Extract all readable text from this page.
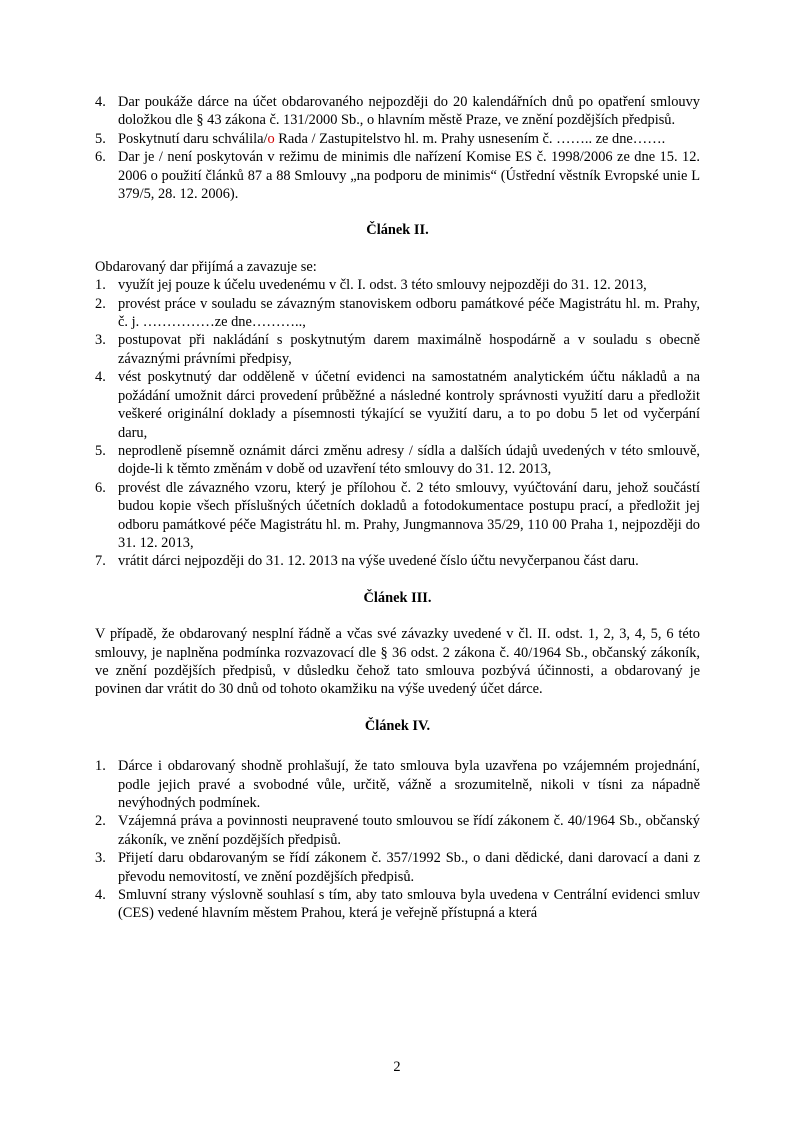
4. Dar poukáže dárce na účet obdarovaného nejpozději do 20 kalendářních dnů po opatření smlouvy doložkou dle § 43 zákona č. 131/2000 Sb., o hlavním městě Praze, ve znění pozdějších předpisů.
5. Poskytnutí daru schválila/o Rada / Zastupitelstvo hl. m. Prahy usnesením č. …….. ze dne…….
6. Dar je / není poskytován v režimu de minimis dle nařízení Komise ES č. 1998/2006 ze dne 15. 12. 2006 o použití článků 87 a 88 Smlouvy „na podporu de minimis“ (Ústřední věstník Evropské unie L 379/5, 28. 12. 2006).
Článek II.

Obdarovaný dar přijímá a zavazuje se:

1. využít jej pouze k účelu uvedenému v čl. I. odst. 3 této smlouvy nejpozději do 31. 12. 2013,
2. provést práce v souladu se závazným stanoviskem odboru památkové péče Magistrátu hl. m. Prahy, č. j. ……………ze dne………..,
3. postupovat při nakládání s poskytnutým darem maximálně hospodárně a v souladu s obecně závaznými právními předpisy,
4. vést poskytnutý dar odděleně v účetní evidenci na samostatném analytickém účtu nákladů a na požádání umožnit dárci provedení průběžné a následné kontroly správnosti využití daru a předložit veškeré originální doklady a písemnosti týkající se využití daru, a to po dobu 5 let od vyčerpání daru,
5. neprodleně písemně oznámit dárci změnu adresy / sídla a dalších údajů uvedených v této smlouvě, dojde-li k těmto změnám v době od uzavření této smlouvy do 31. 12. 2013,
6. provést dle závazného vzoru, který je přílohou č. 2 této smlouvy, vyúčtování daru, jehož součástí budou kopie všech příslušných účetních dokladů a fotodokumentace postupu prací, a předložit jej odboru památkové péče Magistrátu hl. m. Prahy, Jungmannova 35/29, 110 00 Praha 1, nejpozději do 31. 12. 2013,
7. vrátit dárci nejpozději do 31. 12. 2013 na výše uvedené číslo účtu nevyčerpanou část daru.
Článek III.

V případě, že obdarovaný nesplní řádně a včas své závazky uvedené v čl. II. odst. 1, 2, 3, 4, 5, 6 této smlouvy, je naplněna podmínka rozvazovací dle § 36 odst. 2 zákona č. 40/1964 Sb., občanský zákoník, ve znění pozdějších předpisů, v důsledku čehož tato smlouva pozbývá účinnosti, a obdarovaný je povinen dar vrátit do 30 dnů od tohoto okamžiku na výše uvedený účet dárce.

Článek IV.
1. Dárce i obdarovaný shodně prohlašují, že tato smlouva byla uzavřena po vzájemném projednání, podle jejich pravé a svobodné vůle, určitě, vážně a srozumitelně, nikoli v tísni za nápadně nevýhodných podmínek.
2. Vzájemná práva a povinnosti neupravené touto smlouvou se řídí zákonem č. 40/1964 Sb., občanský zákoník, ve znění pozdějších předpisů.
3. Přijetí daru obdarovaným se řídí zákonem č. 357/1992 Sb., o dani dědické, dani darovací a dani z převodu nemovitostí, ve znění pozdějších předpisů.
4. Smluvní strany výslovně souhlasí s tím, aby tato smlouva byla uvedena v Centrální evidenci smluv (CES) vedené hlavním městem Prahou, která je veřejně přístupná a která
2
